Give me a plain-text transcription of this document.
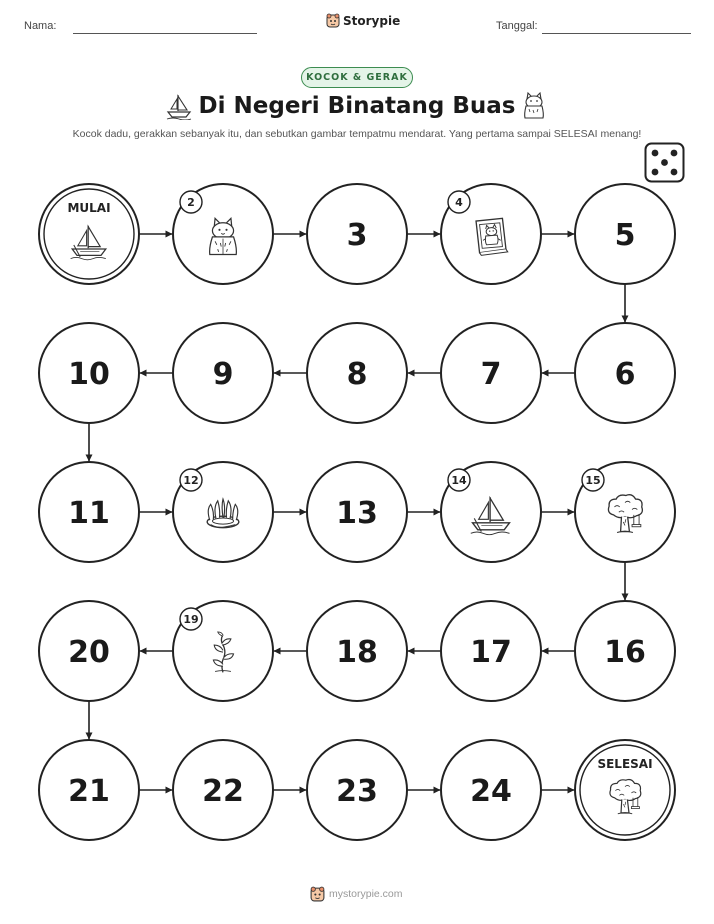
Nama:	Storypie	Tanggal:
KOCOK & GERAK
Di Negeri Binatang Buas
Kocok dadu, gerakkan sebanyak itu, dan sebutkan gambar tempatmu mendarat. Yang pertama sampai SELESAI menang!
MULAI	2
3
4
5
6
7
8
9
10
11
12
13
14	15
16
17
18
19
20
21	22	23	24
SELESAI
mystorypie.com
